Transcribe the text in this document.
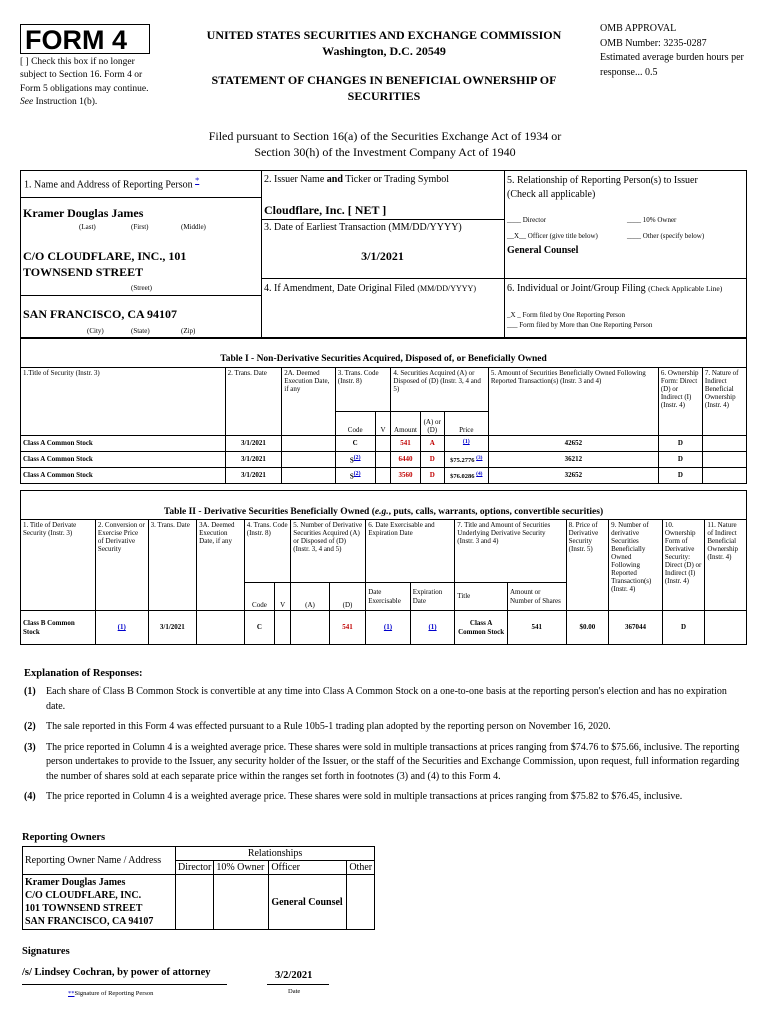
FORM 4
[ ] Check this box if no longer subject to Section 16. Form 4 or Form 5 obligations may continue. See Instruction 1(b).
UNITED STATES SECURITIES AND EXCHANGE COMMISSION
Washington, D.C. 20549
STATEMENT OF CHANGES IN BENEFICIAL OWNERSHIP OF SECURITIES
OMB APPROVAL
OMB Number: 3235-0287
Estimated average burden hours per response... 0.5
Filed pursuant to Section 16(a) of the Securities Exchange Act of 1934 or
Section 30(h) of the Investment Company Act of 1940
1. Name and Address of Reporting Person *
Kramer Douglas James
(Last)	(First)	(Middle)
C/O CLOUDFLARE, INC., 101 TOWNSEND STREET
(Street)
SAN FRANCISCO, CA 94107
(City)	(State)	(Zip)
2. Issuer Name and Ticker or Trading Symbol
Cloudflare, Inc. [ NET ]
3. Date of Earliest Transaction (MM/DD/YYYY)
3/1/2021
4. If Amendment, Date Original Filed (MM/DD/YYYY)
5. Relationship of Reporting Person(s) to Issuer
(Check all applicable)
____ Director	____ 10% Owner
__X__ Officer (give title below)	____ Other (specify below)
General Counsel
6. Individual or Joint/Group Filing (Check Applicable Line)
_X _ Form filed by One Reporting Person
___ Form filed by More than One Reporting Person
Table I - Non-Derivative Securities Acquired, Disposed of, or Beneficially Owned
1.Title of Security (Instr. 3)	2. Trans. Date	2A. Deemed Execution Date, if any	3. Trans. Code (Instr. 8)		4. Securities Acquired (A) or Disposed of (D) (Instr. 3, 4 and 5)			5. Amount of Securities Beneficially Owned Following Reported Transaction(s) (Instr. 3 and 4)	6. Ownership Form: Direct (D) or Indirect (I) (Instr. 4)	7. Nature of Indirect Beneficial Ownership (Instr. 4)
			Code	V	Amount	(A) or (D)	Price			
Class A Common Stock	3/1/2021		C		541	A	$^{(1)}$	42652	D	
Class A Common Stock	3/1/2021		$S^{(2)}$		6440	D	$75.2776 $^{(3)}$	36212	D	
Class A Common Stock	3/1/2021		$S^{(2)}$		3560	D	$76.0286 $^{(4)}$	32652	D	
Table II - Derivative Securities Beneficially Owned (e.g., puts, calls, warrants, options, convertible securities)
1. Title of Derivate Security (Instr. 3)	2. Conversion or Exercise Price of Derivative Security	3. Trans. Date	3A. Deemed Execution Date, if any	4. Trans. Code (Instr. 8)		5. Number of Derivative Securities Acquired (A) or Disposed of (D) (Instr. 3, 4 and 5)		6. Date Exercisable and Expiration Date		7. Title and Amount of Securities Underlying Derivative Security (Instr. 3 and 4)		8. Price of Derivative Security (Instr. 5)	9. Number of derivative Securities Beneficially Owned Following Reported Transaction(s) (Instr. 4)	10. Ownership Form of Derivative Security: Direct (D) or Indirect (I) (Instr. 4)	11. Nature of Indirect Beneficial Ownership (Instr. 4)
				Code	V	(A)	(D)	Date Exercisable	Expiration Date	Title	Amount or Number of Shares				
Class B Common Stock	(1)	3/1/2021		C			541	(1)	(1)	Class A Common Stock	541	$0.00	367044	D	
Explanation of Responses:
(1)	Each share of Class B Common Stock is convertible at any time into Class A Common Stock on a one-to-one basis at the reporting person's election and has no expiration date.
(2)	The sale reported in this Form 4 was effected pursuant to a Rule 10b5-1 trading plan adopted by the reporting person on November 16, 2020.
(3)	The price reported in Column 4 is a weighted average price. These shares were sold in multiple transactions at prices ranging from $74.76 to $75.66, inclusive. The reporting person undertakes to provide to the Issuer, any security holder of the Issuer, or the staff of the Securities and Exchange Commission, upon request, full information regarding the number of shares sold at each separate price within the ranges set forth in footnotes (3) and (4) to this Form 4.
(4)	The price reported in Column 4 is a weighted average price. These shares were sold in multiple transactions at prices ranging from $75.82 to $76.45, inclusive.
Reporting Owners
Reporting Owner Name / Address	Relationships			
	Director	10% Owner	Officer	Other

Kramer Douglas James
C/O CLOUDFLARE, INC.
101 TOWNSEND STREET
SAN FRANCISCO, CA 94107			General Counsel	
Signatures
/s/ Lindsey Cochran, by power of attorney	3/2/2021
**Signature of Reporting Person	Date
